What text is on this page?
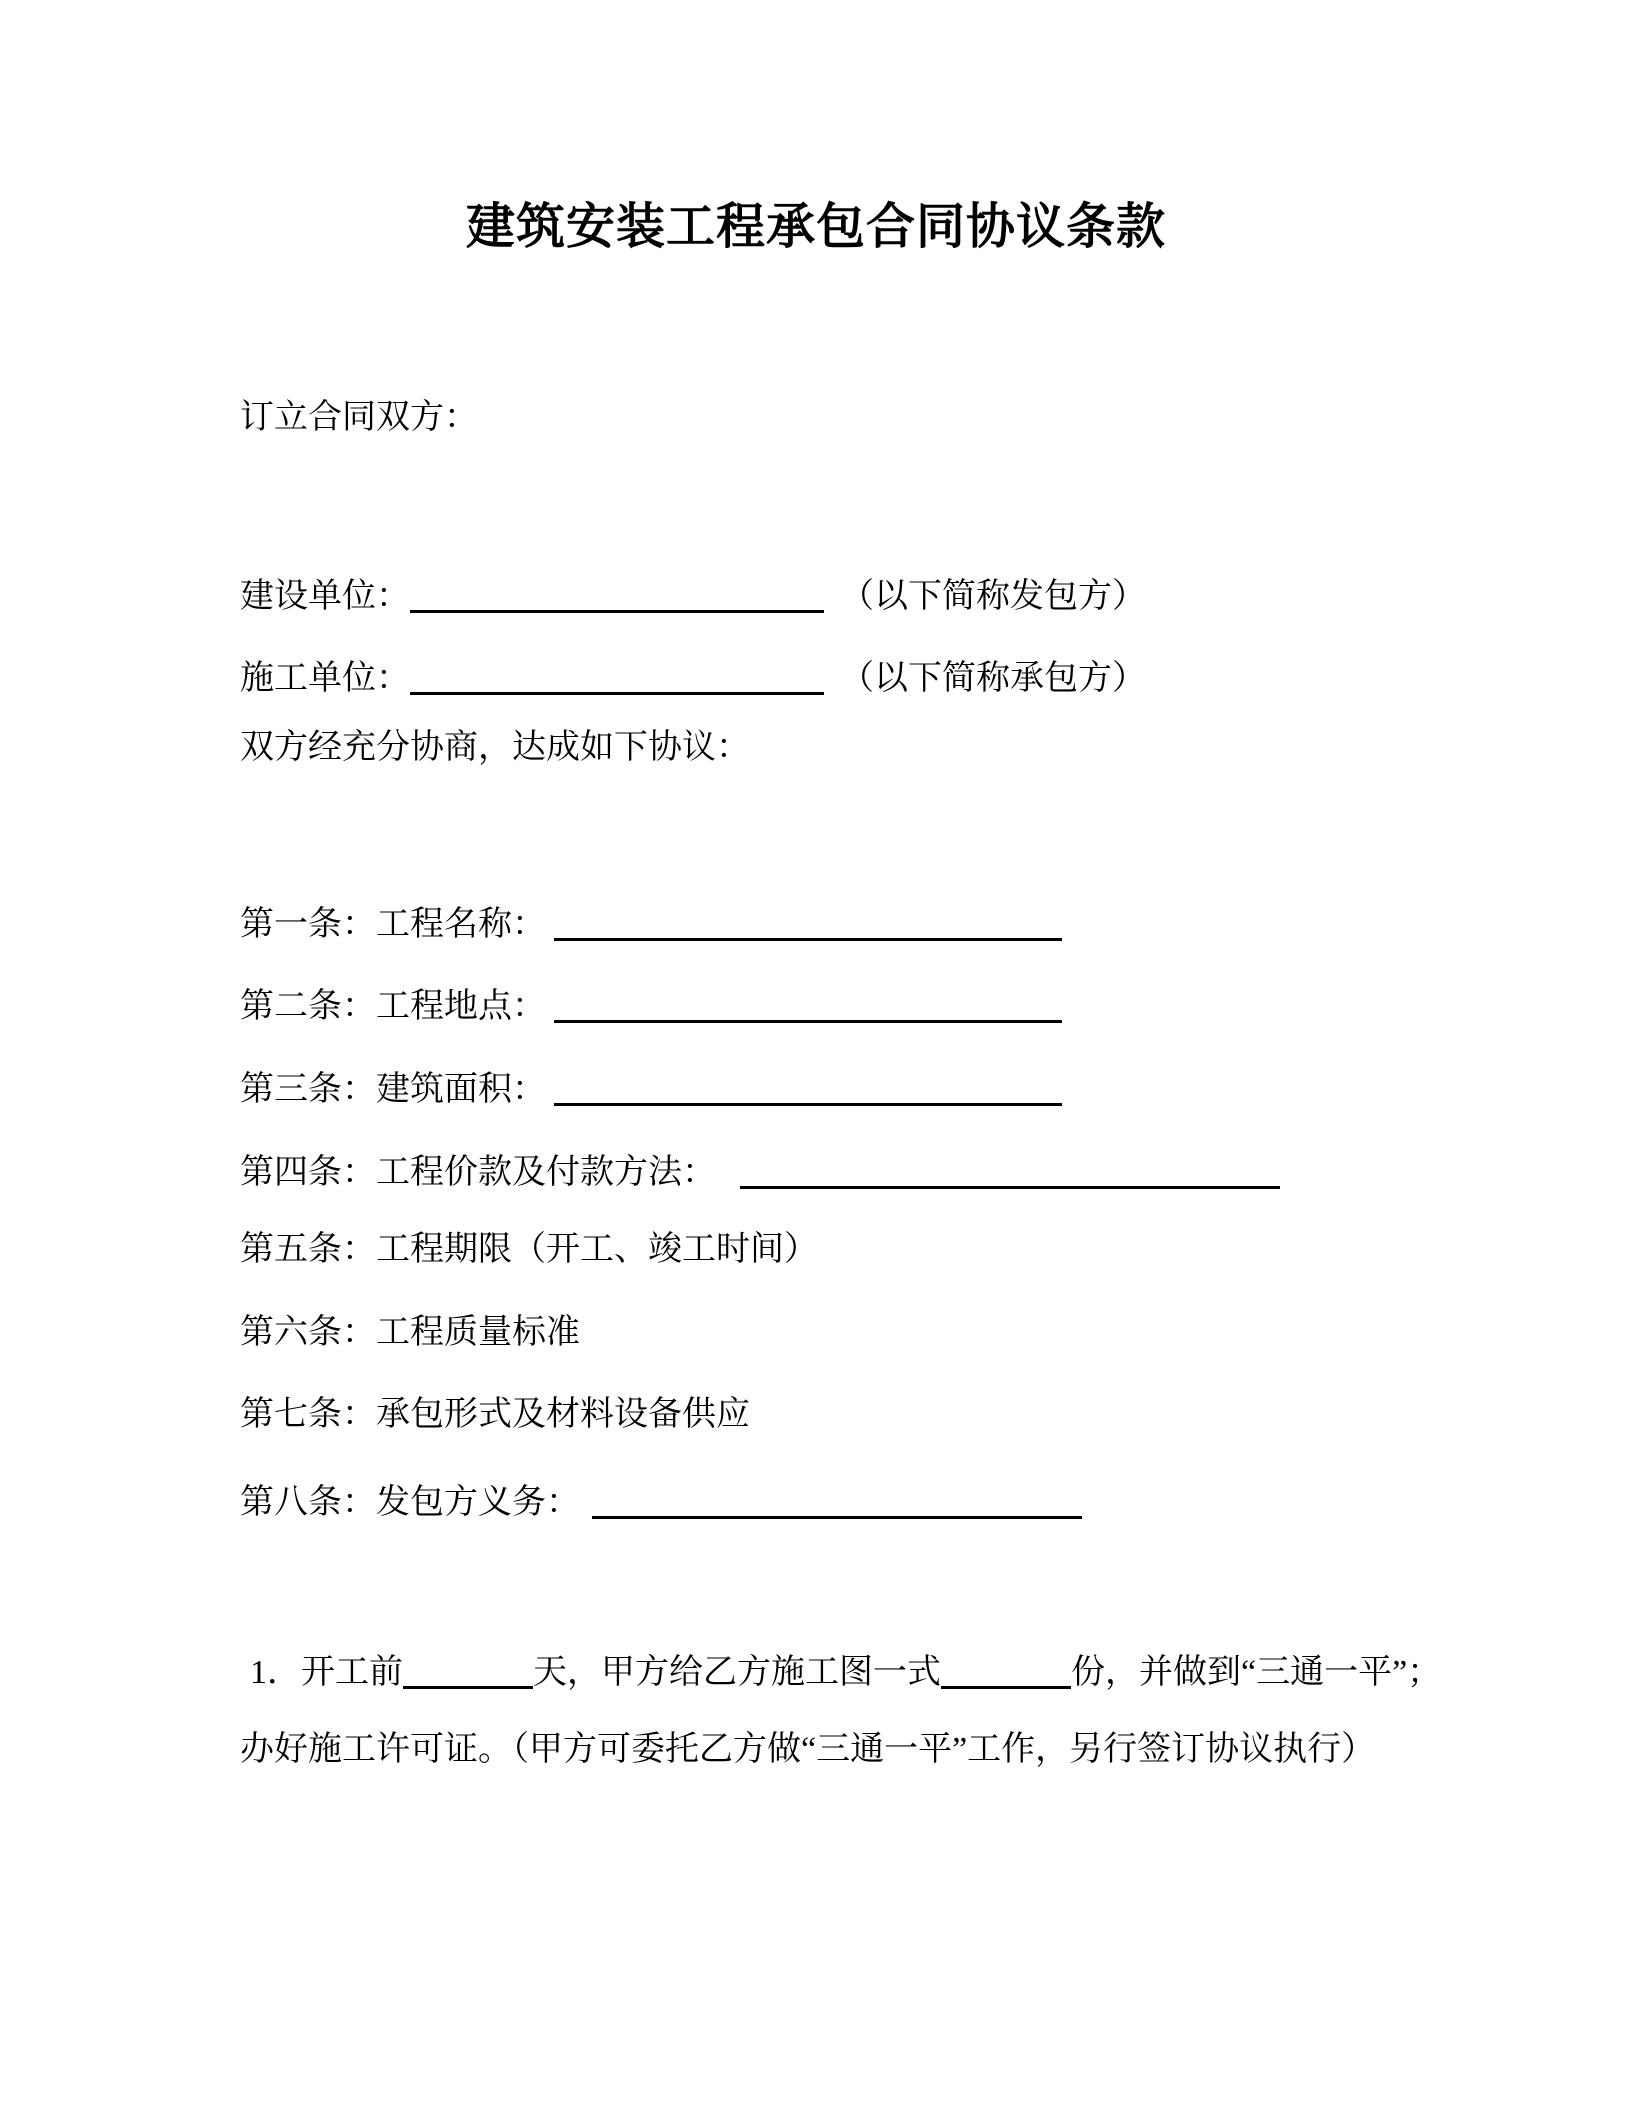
建筑安装工程承包合同协议条款
订立合同双方：
建设单位：	（以下简称发包方）
施工单位：	（以下简称承包方）
双方经充分协商，达成如下协议：
第一条：工程名称：
第二条：工程地点：
第三条：建筑面积：
第四条：工程价款及付款方法：
第五条：工程期限（开工、竣工时间）
第六条：工程质量标准
第七条：承包形式及材料设备供应
第八条：发包方义务：
1．开工前	天，甲方给乙方施工图一式	份，并做到“三通一平”；
办好施工许可证。（甲方可委托乙方做“三通一平”工作，另行签订协议执行）
